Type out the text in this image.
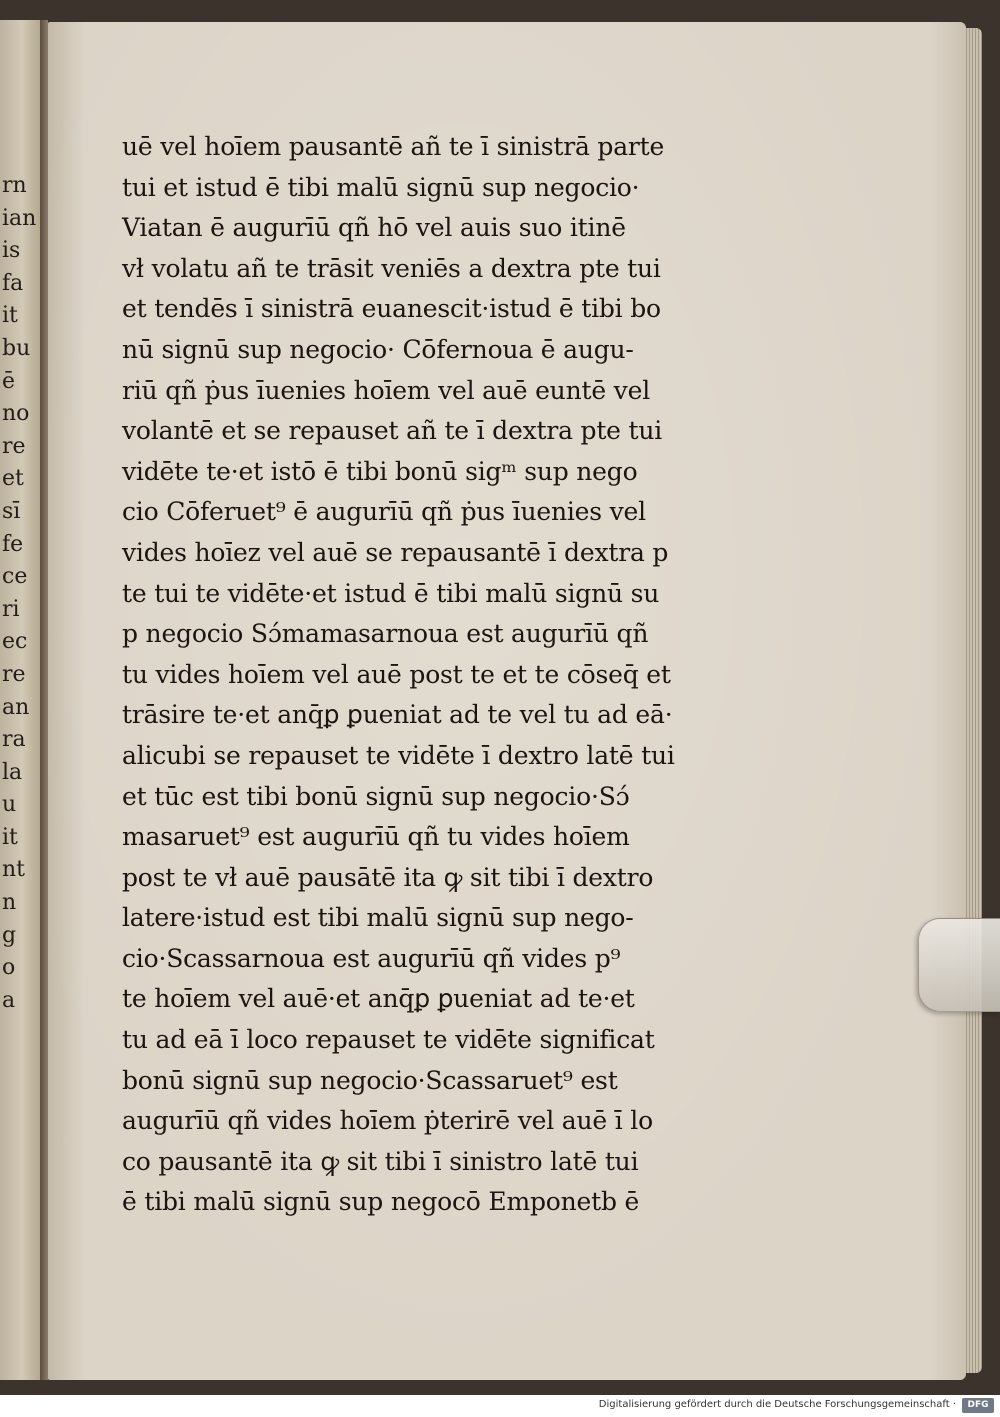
rn
ian
is
fa
it
bu
ē
no
re
et
sī
fe
ce
ri
ec
re
an
ra
la
u
it
nt
n
g
o
a
uē vel hoīem pausantē añ te ī sinistrā parte
tui et istud ē tibi malū signū sup negocio·
Viatan ē augurīū qñ hō vel auis suo itinē
vł volatu añ te trāsit veniēs a dextra pte tui
et tendēs ī sinistrā euanescit·istud ē tibi bo
nū signū sup negocio· Cōfernoua ē augu-
riū qñ ṗus īuenies hoīem vel auē euntē vel
volantē et se repauset añ te ī dextra pte tui
vidēte te·et istō ē tibi bonū sigᵐ sup nego
cio Cōferuet⁹ ē augurīū qñ ṗus īuenies vel
vides hoīez vel auē se repausantē ī dextra p
te tui te vidēte·et istud ē tibi malū signū su
p negocio Sɔ́mamasarnoua est augurīū qñ
tu vides hoīem vel auē post te et te cōseq̄ et
trāsire te·et anq̄ꝑ ꝑueniat ad te vel tu ad eā·
alicubi se repauset te vidēte ī dextro latē tui
et tūc est tibi bonū signū sup negocio·Sɔ́
masaruet⁹ est augurīū qñ tu vides hoīem
post te vł auē pausātē ita ꝙ sit tibi ī dextro
latere·istud est tibi malū signū sup nego-
cio·Scassarnoua est augurīū qñ vides p⁹
te hoīem vel auē·et anq̄ꝑ ꝑueniat ad te·et
tu ad eā ī loco repauset te vidēte significat
bonū signū sup negocio·Scassaruet⁹ est
augurīū qñ vides hoīem ṗterirē vel auē ī lo
co pausantē ita ꝙ sit tibi ī sinistro latē tui
ē tibi malū signū sup negocō Emponetb ē
Digitalisierung gefördert durch die Deutsche Forschungsgemeinschaft ·	DFG
